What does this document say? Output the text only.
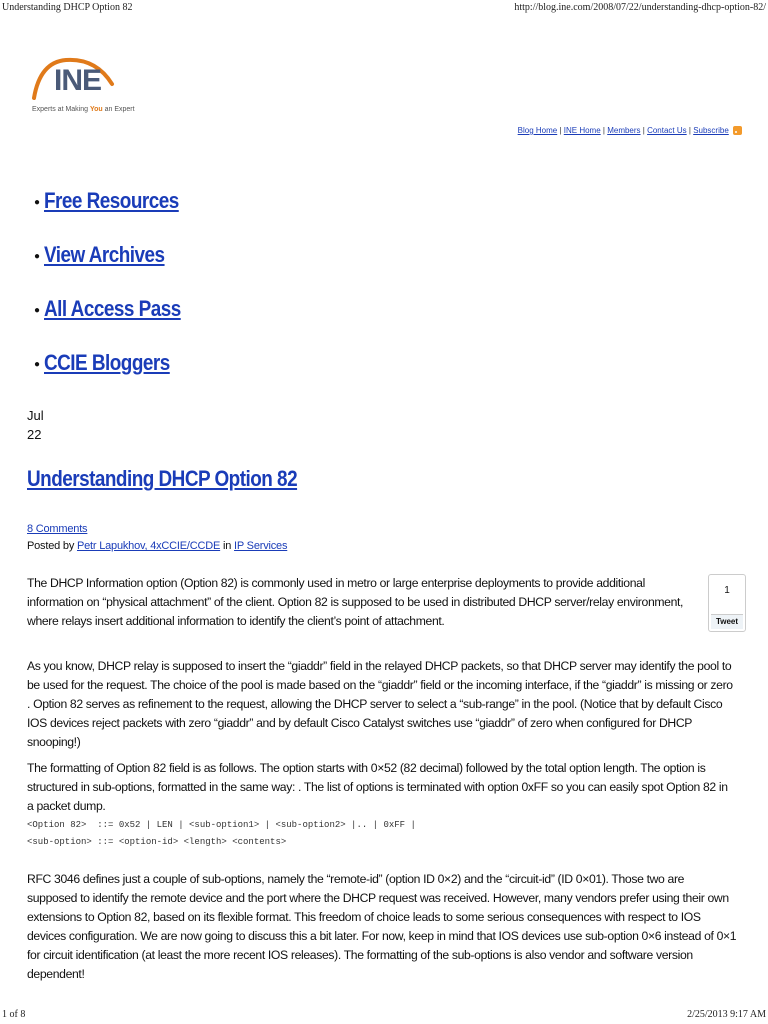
Understanding DHCP Option 82	http://blog.ine.com/2008/07/22/understanding-dhcp-option-82/
INE
Experts at Making You an Expert
Blog Home | INE Home | Members | Contact Us | Subscribe
● Free Resources
● View Archives
● All Access Pass
● CCIE Bloggers
Jul
22
Understanding DHCP Option 82
8 Comments
Posted by Petr Lapukhov, 4xCCIE/CCDE in IP Services
1
Tweet
The DHCP Information option (Option 82) is commonly used in metro or large enterprise deployments to provide additional information on “physical attachment” of the client. Option 82 is supposed to be used in distributed DHCP server/relay environment, where relays insert additional information to identify the client’s point of attachment.
As you know, DHCP relay is supposed to insert the “giaddr” field in the relayed DHCP packets, so that DHCP server may identify the pool to be used for the request. The choice of the pool is made based on the “giaddr” field or the incoming interface, if the “giaddr” is missing or zero . Option 82 serves as refinement to the request, allowing the DHCP server to select a “sub-range” in the pool. (Notice that by default Cisco IOS devices reject packets with zero “giaddr” and by default Cisco Catalyst switches use “giaddr” of zero when configured for DHCP snooping!)
The formatting of Option 82 field is as follows. The option starts with 0×52 (82 decimal) followed by the total option length. The option is structured in sub-options, formatted in the same way: . The list of options is terminated with option 0xFF so you can easily spot Option 82 in a packet dump.
<Option 82>  ::= 0x52 | LEN | <sub-option1> | <sub-option2> |.. | 0xFF |
<sub-option> ::= <option-id> <length> <contents>
RFC 3046 defines just a couple of sub-options, namely the “remote-id” (option ID 0×2) and the “circuit-id” (ID 0×01). Those two are supposed to identify the remote device and the port where the DHCP request was received. However, many vendors prefer using their own extensions to Option 82, based on its flexible format. This freedom of choice leads to some serious consequences with respect to IOS devices configuration. We are now going to discuss this a bit later. For now, keep in mind that IOS devices use sub-option 0×6 instead of 0×1 for circuit identification (at least the more recent IOS releases). The formatting of the sub-options is also vendor and software version dependent!
1 of 8	2/25/2013 9:17 AM
